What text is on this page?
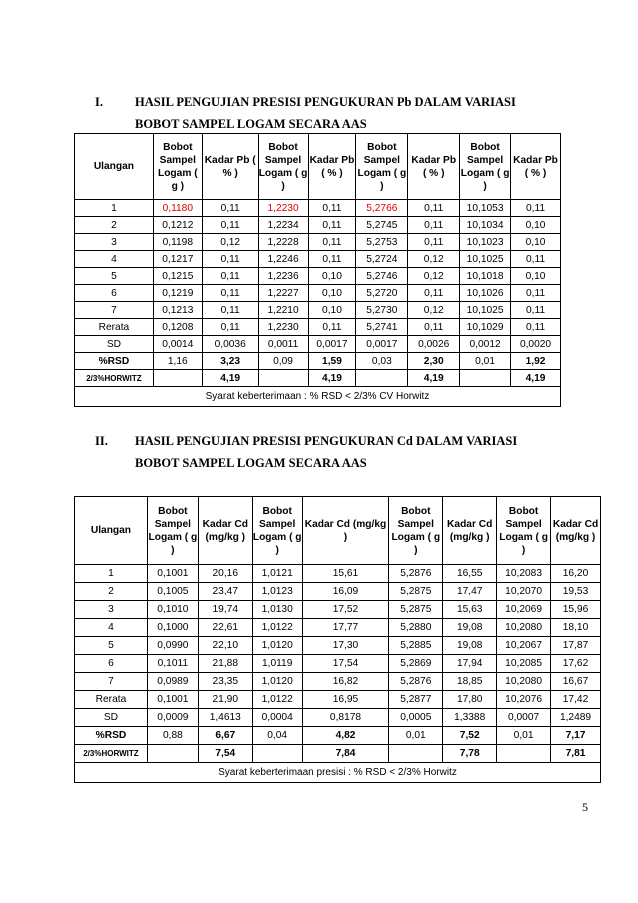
I.	HASIL PENGUJIAN PRESISI PENGUKURAN Pb DALAM VARIASI
BOBOT SAMPEL LOGAM SECARA AAS
Ulangan	Bobot Sampel Logam ( g )	Kadar Pb ( % )	Bobot Sampel Logam ( g )	Kadar Pb ( % )	Bobot Sampel Logam ( g )	Kadar Pb ( % )	Bobot Sampel Logam ( g )	Kadar Pb ( % )
1	0,1180	0,11	1,2230	0,11	5,2766	0,11	10,1053	0,11
2	0,1212	0,11	1,2234	0,11	5,2745	0,11	10,1034	0,10
3	0,1198	0,12	1,2228	0,11	5,2753	0,11	10,1023	0,10
4	0,1217	0,11	1,2246	0,11	5,2724	0,12	10,1025	0,11
5	0,1215	0,11	1,2236	0,10	5,2746	0,12	10,1018	0,10
6	0,1219	0,11	1,2227	0,10	5,2720	0,11	10,1026	0,11
7	0,1213	0,11	1,2210	0,10	5,2730	0,12	10,1025	0,11
Rerata	0,1208	0,11	1,2230	0,11	5,2741	0,11	10,1029	0,11
SD	0,0014	0,0036	0,0011	0,0017	0,0017	0,0026	0,0012	0,0020
%RSD	1,16	3,23	0,09	1,59	0,03	2,30	0,01	1,92
2/3%HORWITZ		4,19		4,19		4,19		4,19
Syarat keberterimaan : % RSD < 2/3% CV Horwitz								
II. HASIL PENGUJIAN PRESISI PENGUKURAN Cd DALAM VARIASI
BOBOT SAMPEL LOGAM SECARA AAS
Ulangan	Bobot Sampel Logam ( g )	Kadar Cd (mg/kg )	Bobot Sampel Logam ( g )	Kadar Cd (mg/kg )	Bobot Sampel Logam ( g )	Kadar Cd (mg/kg )	Bobot Sampel Logam ( g )	Kadar Cd (mg/kg )
1	0,1001	20,16	1,0121	15,61	5,2876	16,55	10,2083	16,20
2	0,1005	23,47	1,0123	16,09	5,2875	17,47	10,2070	19,53
3	0,1010	19,74	1,0130	17,52	5,2875	15,63	10,2069	15,96
4	0,1000	22,61	1,0122	17,77	5,2880	19,08	10,2080	18,10
5	0,0990	22,10	1,0120	17,30	5,2885	19,08	10,2067	17,87
6	0,1011	21,88	1,0119	17,54	5,2869	17,94	10,2085	17,62
7	0,0989	23,35	1,0120	16,82	5,2876	18,85	10,2080	16,67
Rerata	0,1001	21,90	1,0122	16,95	5,2877	17,80	10,2076	17,42
SD	0,0009	1,4613	0,0004	0,8178	0,0005	1,3388	0,0007	1,2489
%RSD	0,88	6,67	0,04	4,82	0,01	7,52	0,01	7,17
2/3%HORWITZ		7,54		7,84		7,78		7,81
Syarat keberterimaan presisi : % RSD < 2/3% Horwitz								
5
